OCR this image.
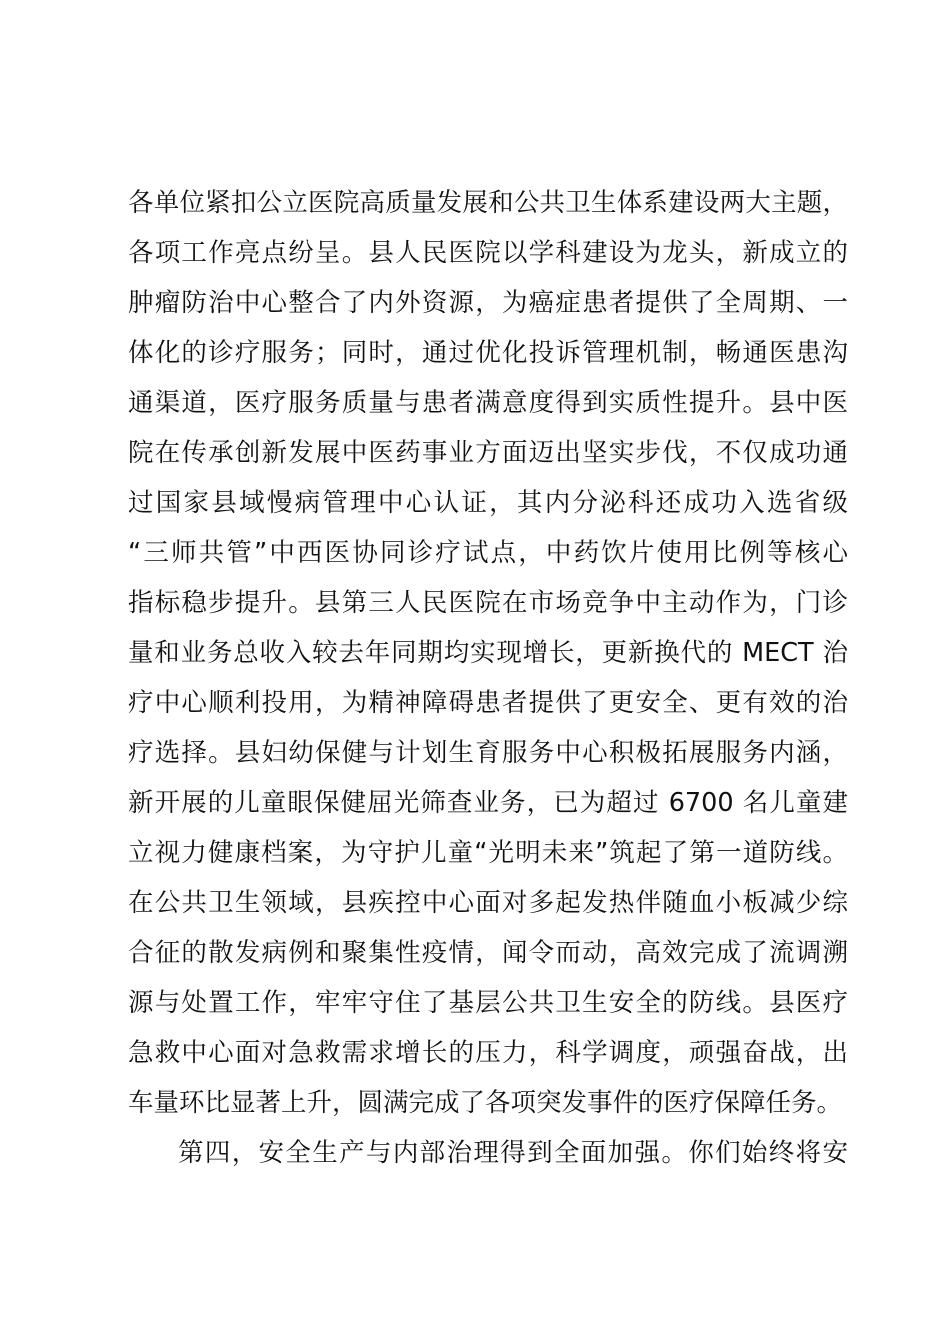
各单位紧扣公立医院高质量发展和公共卫生体系建设两大主题，
各项工作亮点纷呈。县人民医院以学科建设为龙头，新成立的
肿瘤防治中心整合了内外资源，为癌症患者提供了全周期、一
体化的诊疗服务；同时，通过优化投诉管理机制，畅通医患沟
通渠道，医疗服务质量与患者满意度得到实质性提升。县中医
院在传承创新发展中医药事业方面迈出坚实步伐，不仅成功通
过国家县域慢病管理中心认证，其内分泌科还成功入选省级
“三师共管”中西医协同诊疗试点，中药饮片使用比例等核心
指标稳步提升。县第三人民医院在市场竞争中主动作为，门诊
量和业务总收入较去年同期均实现增长，更新换代的 MECT 治
疗中心顺利投用，为精神障碍患者提供了更安全、更有效的治
疗选择。县妇幼保健与计划生育服务中心积极拓展服务内涵，
新开展的儿童眼保健屈光筛查业务，已为超过 6700 名儿童建
立视力健康档案，为守护儿童“光明未来”筑起了第一道防线。
在公共卫生领域，县疾控中心面对多起发热伴随血小板减少综
合征的散发病例和聚集性疫情，闻令而动，高效完成了流调溯
源与处置工作，牢牢守住了基层公共卫生安全的防线。县医疗
急救中心面对急救需求增长的压力，科学调度，顽强奋战，出
车量环比显著上升，圆满完成了各项突发事件的医疗保障任务。
第四，安全生产与内部治理得到全面加强。你们始终将安
